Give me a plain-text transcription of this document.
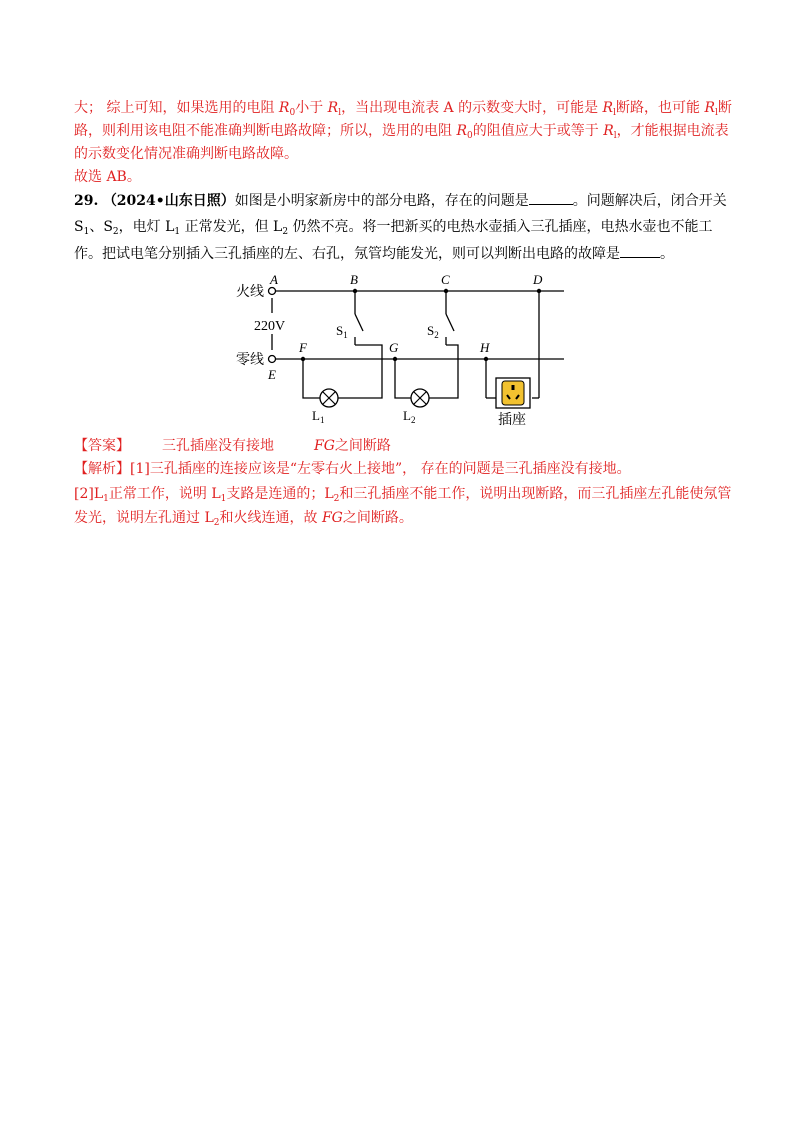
大； 综上可知，如果选用的电阻 $R_0$小于 $R_l$，当出现电流表 A 的示数变大时，可能是 $R_l$断路，也可能 $R_l$断
路，则利用该电阻不能准确判断电路故障；所以，选用的电阻 $R_0$的阻值应大于或等于 $R_l$，才能根据电流表
的示数变化情况准确判断电路故障。
故选 AB。
29. （2024•山东日照）如图是小明家新房中的部分电路，存在的问题是	。问题解决后，闭合开关
$S_1$、$S_2$，电灯 $L_1$ 正常发光，但 $L_2$ 仍然不亮。将一把新买的电热水壶插入三孔插座，电热水壶也不能工
作。把试电笔分别插入三孔插座的左、右孔，氖管均能发光，则可以判断出电路的故障是	。
火线
零线
220V
A	B	C	D
E
F	G	H
$S_1$	$S_2$
$L_1$	$L_2$	插座
【答案】 三孔插座没有接地	FG之间断路
【解析】[1]三孔插座的连接应该是“左零右火上接地”， 存在的问题是三孔插座没有接地。
$[2]L_1$正常工作，说明 $L_1$支路是连通的；$L_2$和三孔插座不能工作，说明出现断路，而三孔插座左孔能使氖管
发光，说明左孔通过 $L_2$和火线连通，故 FG之间断路。
